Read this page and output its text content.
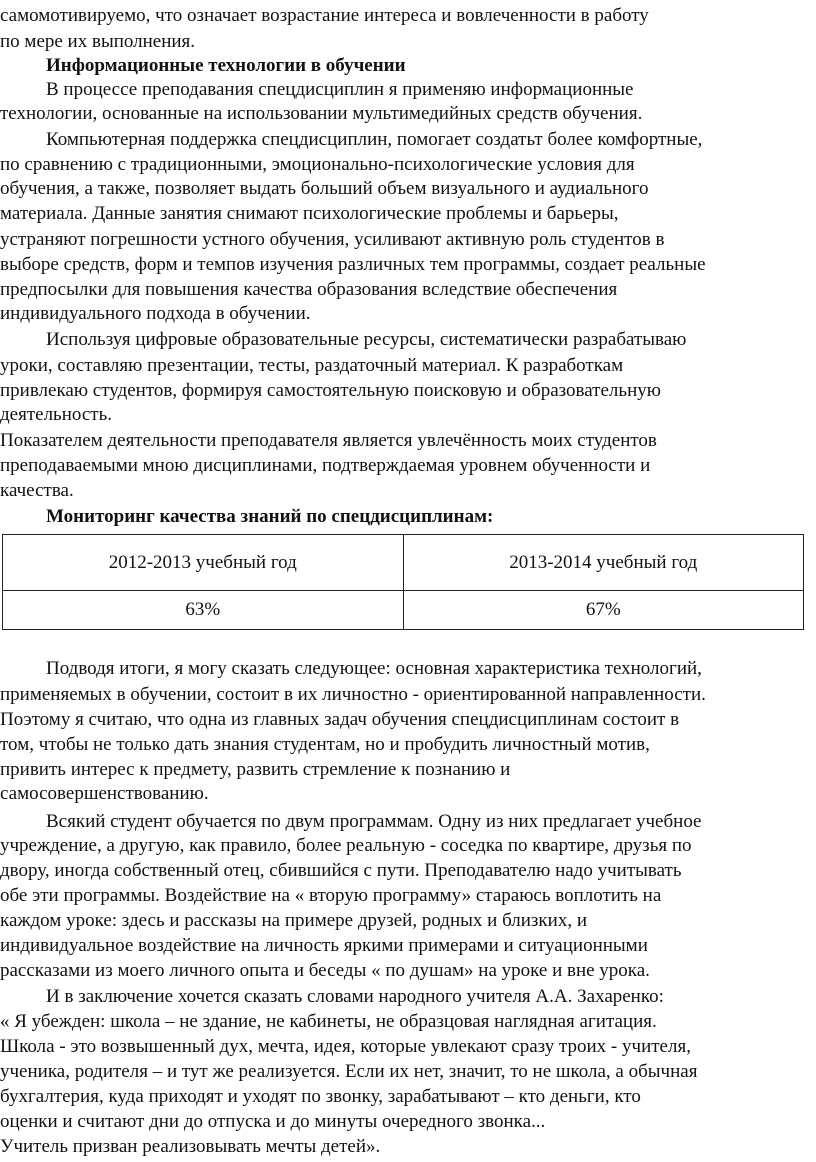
самомотивируемо, что означает возрастание интереса и вовлеченности в работу
по мере их выполнения.
Информационные технологии в обучении
В процессе преподавания спецдисциплин я применяю информационные
технологии, основанные на использовании мультимедийных средств обучения.
Компьютерная поддержка спецдисциплин, помогает создатьт более комфортные,
по сравнению с традиционными, эмоционально-психологические условия для
обучения, а также, позволяет выдать больший объем визуального и аудиального
материала. Данные занятия снимают психологические проблемы и барьеры,
устраняют погрешности устного обучения, усиливают активную роль студентов в
выборе средств, форм и темпов изучения различных тем программы, создает реальные
предпосылки для повышения качества образования вследствие обеспечения
индивидуального подхода в обучении.
Используя цифровые образовательные ресурсы, систематически разрабатываю
уроки, составляю презентации, тесты, раздаточный материал. К разработкам
привлекаю студентов, формируя самостоятельную поисковую и образовательную
деятельность.
Показателем деятельности преподавателя является увлечённость моих студентов
преподаваемыми мною дисциплинами, подтверждаемая уровнем обученности и
качества.
Мониторинг качества знаний по спецдисциплинам:
2012-2013 учебный год	2013-2014 учебный год
63%	67%
Подводя итоги, я могу сказать следующее: основная характеристика технологий,
применяемых в обучении, состоит в их личностно - ориентированной направленности.
Поэтому я считаю, что одна из главных задач обучения спецдисциплинам состоит в
том, чтобы не только дать знания студентам, но и пробудить личностный мотив,
привить интерес к предмету, развить стремление к познанию и
самосовершенствованию.
Всякий студент обучается по двум программам. Одну из них предлагает учебное
учреждение, а другую, как правило, более реальную - соседка по квартире, друзья по
двору, иногда собственный отец, сбившийся с пути. Преподавателю надо учитывать
обе эти программы. Воздействие на « вторую программу» стараюсь воплотить на
каждом уроке: здесь и рассказы на примере друзей, родных и близких, и
индивидуальное воздействие на личность яркими примерами и ситуационными
рассказами из моего личного опыта и беседы « по душам» на уроке и вне урока.
И в заключение хочется сказать словами народного учителя А.А. Захаренко:
« Я убежден: школа – не здание, не кабинеты, не образцовая наглядная агитация.
Школа - это возвышенный дух, мечта, идея, которые увлекают сразу троих - учителя,
ученика, родителя – и тут же реализуется. Если их нет, значит, то не школа, а обычная
бухгалтерия, куда приходят и уходят по звонку, зарабатывают – кто деньги, кто
оценки и считают дни до отпуска и до минуты очередного звонка...
Учитель призван реализовывать мечты детей».
